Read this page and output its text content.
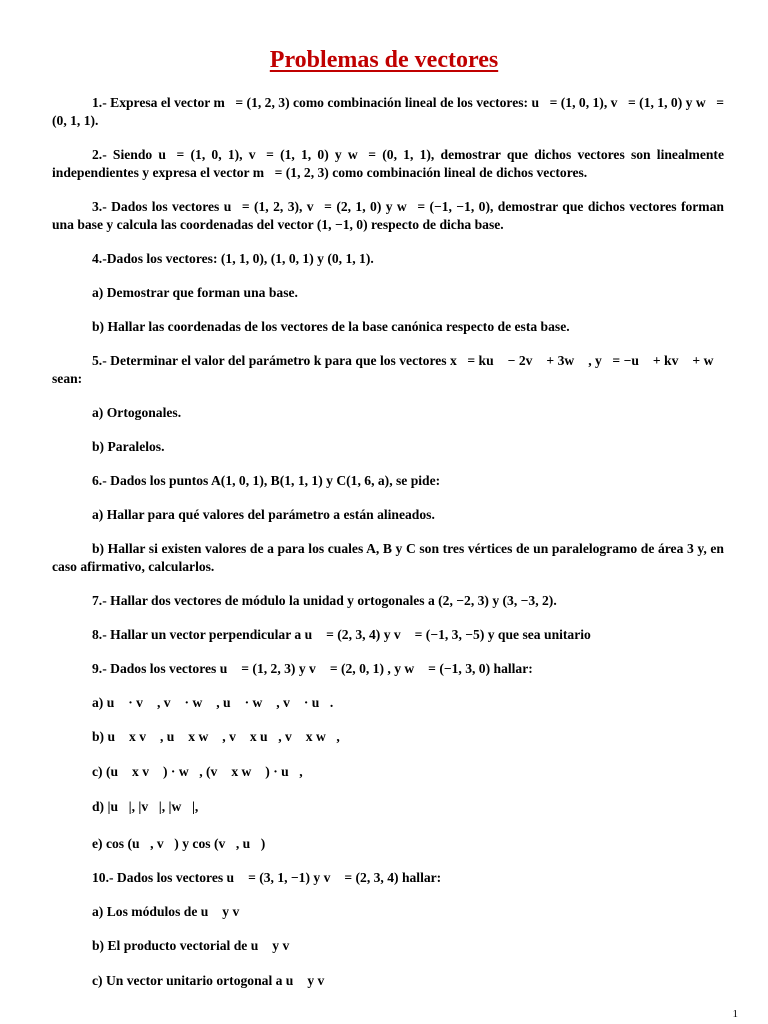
Problemas de vectores
1.- Expresa el vector m⃗= (1, 2, 3) como combinación lineal de los vectores: u⃗= (1, 0, 1), v⃗= (1, 1, 0) y w⃗= (0, 1, 1).
2.- Siendo u⃗= (1, 0, 1), v⃗= (1, 1, 0) y w⃗= (0, 1, 1), demostrar que dichos vectores son linealmente independientes y expresa el vector m⃗= (1, 2, 3) como combinación lineal de dichos vectores.
3.- Dados los vectores u⃗= (1, 2, 3), v⃗= (2, 1, 0) y w⃗= (−1, −1, 0), demostrar que dichos vectores forman una base y calcula las coordenadas del vector (1, −1, 0) respecto de dicha base.
4.-Dados los vectores: (1, 1, 0), (1, 0, 1) y (0, 1, 1).
a) Demostrar que forman una base.
b) Hallar las coordenadas de los vectores de la base canónica respecto de esta base.
5.- Determinar el valor del parámetro k para que los vectores x⃗= ku⃗ − 2v⃗ + 3w⃗ , y⃗= −u⃗ + kv⃗ + w⃗ sean:
a) Ortogonales.
b) Paralelos.
6.- Dados los puntos A(1, 0, 1), B(1, 1, 1) y C(1, 6, a), se pide:
a) Hallar para qué valores del parámetro a están alineados.
b) Hallar si existen valores de a para los cuales A, B y C son tres vértices de un paralelogramo de área 3 y, en caso afirmativo, calcularlos.
7.- Hallar dos vectores de módulo la unidad y ortogonales a (2, −2, 3) y (3, −3, 2).
8.- Hallar un vector perpendicular a u⃗ = (2, 3, 4) y v⃗ = (−1, 3, −5) y que sea unitario
9.- Dados los vectores u⃗ = (1, 2, 3) y v⃗ = (2, 0, 1) , y w⃗ = (−1, 3, 0) hallar:
a) u⃗ · v⃗ , v⃗ · w⃗ , u⃗ · w⃗ , v⃗ · u⃗.
b) u⃗ x v⃗ , u⃗ x w⃗ , v⃗ x u⃗, v⃗ x w⃗,
c) (u⃗ x v⃗ ) · w⃗, (v⃗ x w⃗ ) · u⃗,
d) |u⃗|, |v⃗|, |w⃗|,
e) cos (u⃗, v⃗) y cos (v⃗, u⃗)
10.- Dados los vectores u⃗ = (3, 1, −1) y v⃗ = (2, 3, 4) hallar:
a) Los módulos de u⃗ y v⃗
b) El producto vectorial de u⃗ y v⃗
c) Un vector unitario ortogonal a u⃗ y v⃗
1
